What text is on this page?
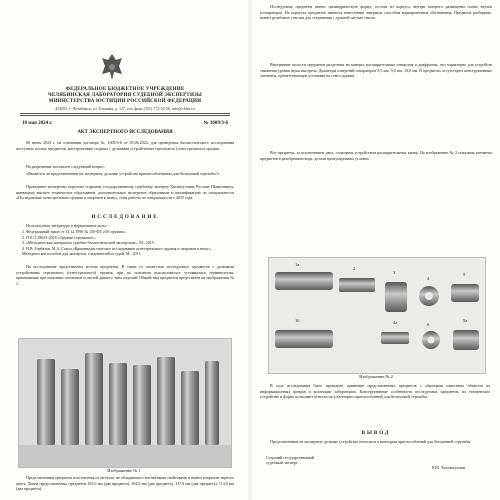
ФЕДЕРАЛЬНОЕ БЮДЖЕТНОЕ УЧРЕЖДЕНИЕ
ЧЕЛЯБИНСКАЯ ЛАБОРАТОРИЯ СУДЕБНОЙ ЭКСПЕРТИЗЫ
МИНИСТЕРСТВА ЮСТИЦИИ РОССИЙСКОЙ ФЕДЕРАЦИИ
454091, г. Челябинск, ул. Елькина, д. 127, тел./факс (351) 772-52-56, info@chlse.ru
10 мая 2024 г.	№ 1609/3-6
АКТ ЭКСПЕРТНОГО ИССЛЕДОВАНИЯ
06 июня 2024 г. на основании договора № 1609/3-6 от 05.06.2024, для проведения баллистического исследования поступило восемь предметов, конструктивно сходных с дульными устройствами стрелкового (огнестрельного) оружия.
На разрешение поставлен следующий вопрос:
«Являются ли представленные на экспертизу дульные устройства приспособлениями для бесшумной стрельбы?»
Проведение экспертизы поручено старшему государственному судебному эксперту Хисматуллину Руслану Шамилевичу, имеющему высшее техническое образование, дополнительное экспертное образование и квалификацию по специальности «Исследование огнестрельного оружия и патронов к нему», стаж работы по специальности с 2015 года.
ИССЛЕДОВАНИЕ
Используемая литература и нормативные акты:
1. Федеральный закон от 13.12.1996 № 150-ФЗ «Об оружии».
2. ГОСТ 28653-2018 «Оружие стрелковое».
3. «Методические материалы судебно-баллистической экспертизы», М., 2015.
4. Н.В. Горбатов, М.А. Сокол «Криминалистическое исследование огнестрельного оружия и патронов к нему», Методическое пособие для экспертов, следователей и судей, М., 2011.
На исследование представлены восемь предметов. В связи со схожестью исследуемых предметов с дульными устройствами стрелкового (огнестрельного) оружия, при их описании использовалась устоявшаяся терминология, применяемая при описании элементов и частей данного типа изделий. Общий вид предметов представлен на изображении № 1.
Изображение № 1
Представленные предметы изготовлены из металла, не обладающего магнитными свойствами и имеют покрытие черного цвета. Длина представленных предметов 105,0 мм (два предмета), 104,0 мм (два предмета), 137,8 мм (два предмета), 114,0 мм (два предмета).
Исследуемые предметы имеют цилиндрическую форму, состоят из корпуса, внутри которого размещены полые втулки (сепараторы). На корпусах предметов имеются нанесенные лазерным способом маркировочные обозначения. Предметы разборные, имеют резьбовые участки для соединения с дульной частью ствола.
Внутренние полости предметов разделены на камеры, расширительные отверстия и диафрагмы, что характерно для устройств снижения уровня звука выстрела. Диаметры отверстий сепараторов 8,5 мм, 9,0 мм, 10,0 мм. В предметах отсутствуют конструктивные элементы, препятствующие установке на ствол оружия.
Все предметы, за исключением двух, оснащены устройством расширительных камер. На изображении № 2 показаны элементы предметов в разобранном виде, детали пронумерованы условно.
1a
2
3
4
5
1б	4a	5a
6
Изображение № 2
В ходе исследования было проведено сравнение представленных предметов с образцами известных объектов из информационных фондов и коллекции лаборатории. Конструктивные особенности исследуемых предметов, их техническое устройство и форма позволяют отнести их к категории приспособлений для бесшумной стрельбы.
ВЫВОД
Представленные на экспертизу дульные устройства относятся к категории приспособлений для бесшумной стрельбы.
Старший государственный
судебный эксперт
Р.Ш. Хисматуллин
